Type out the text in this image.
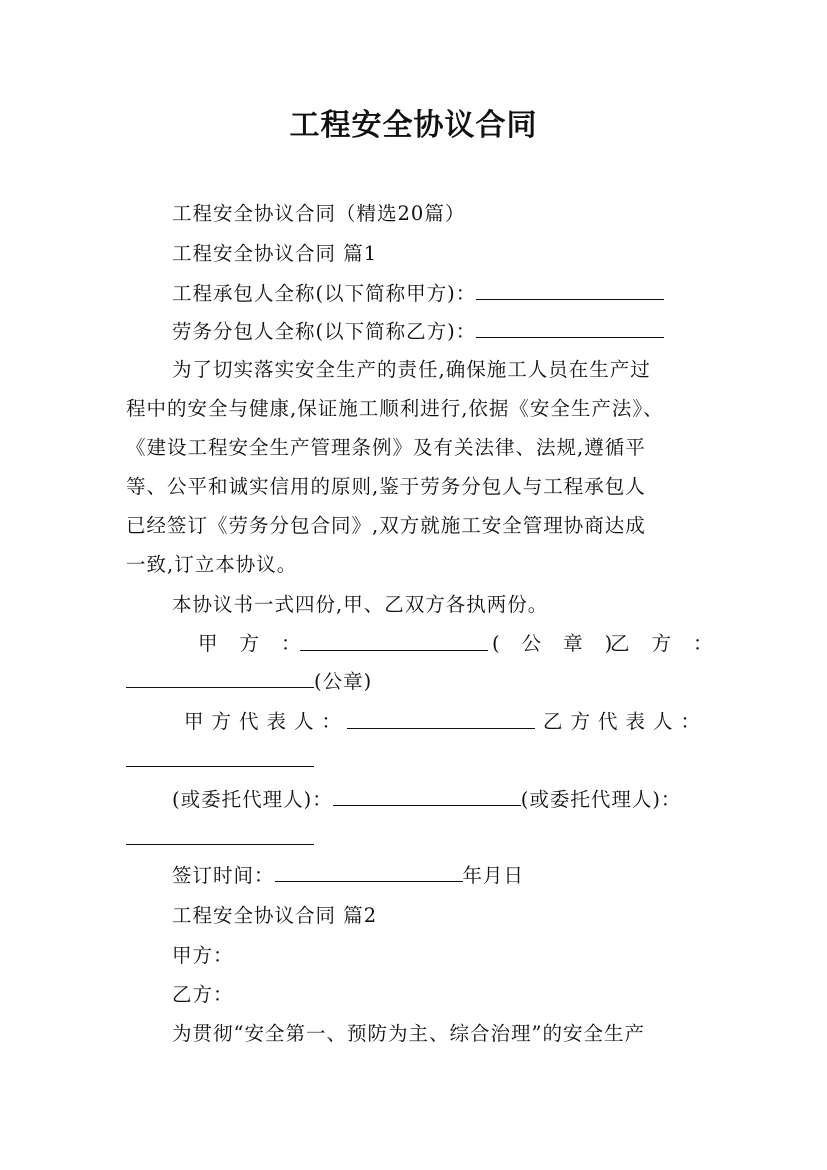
工程安全协议合同
工程安全协议合同（精选20篇）
工程安全协议合同 篇1
工程承包人全称(以下简称甲方)：
劳务分包人全称(以下简称乙方)：
为了切实落实安全生产的责任,确保施工人员在生产过
程中的安全与健康,保证施工顺利进行,依据《安全生产法》、
《建设工程安全生产管理条例》及有关法律、法规,遵循平
等、公平和诚实信用的原则,鉴于劳务分包人与工程承包人
已经签订《劳务分包合同》,双方就施工安全管理协商达成
一致,订立本协议。
本协议书一式四份,甲、乙双方各执两份。
甲方：	(公章)
乙方：
(公章)
甲方代表人：	乙方代表人：
(或委托代理人)：	(或委托代理人)：
签订时间：	年月日
工程安全协议合同 篇2
甲方：
乙方：
为贯彻“安全第一、预防为主、综合治理”的安全生产
